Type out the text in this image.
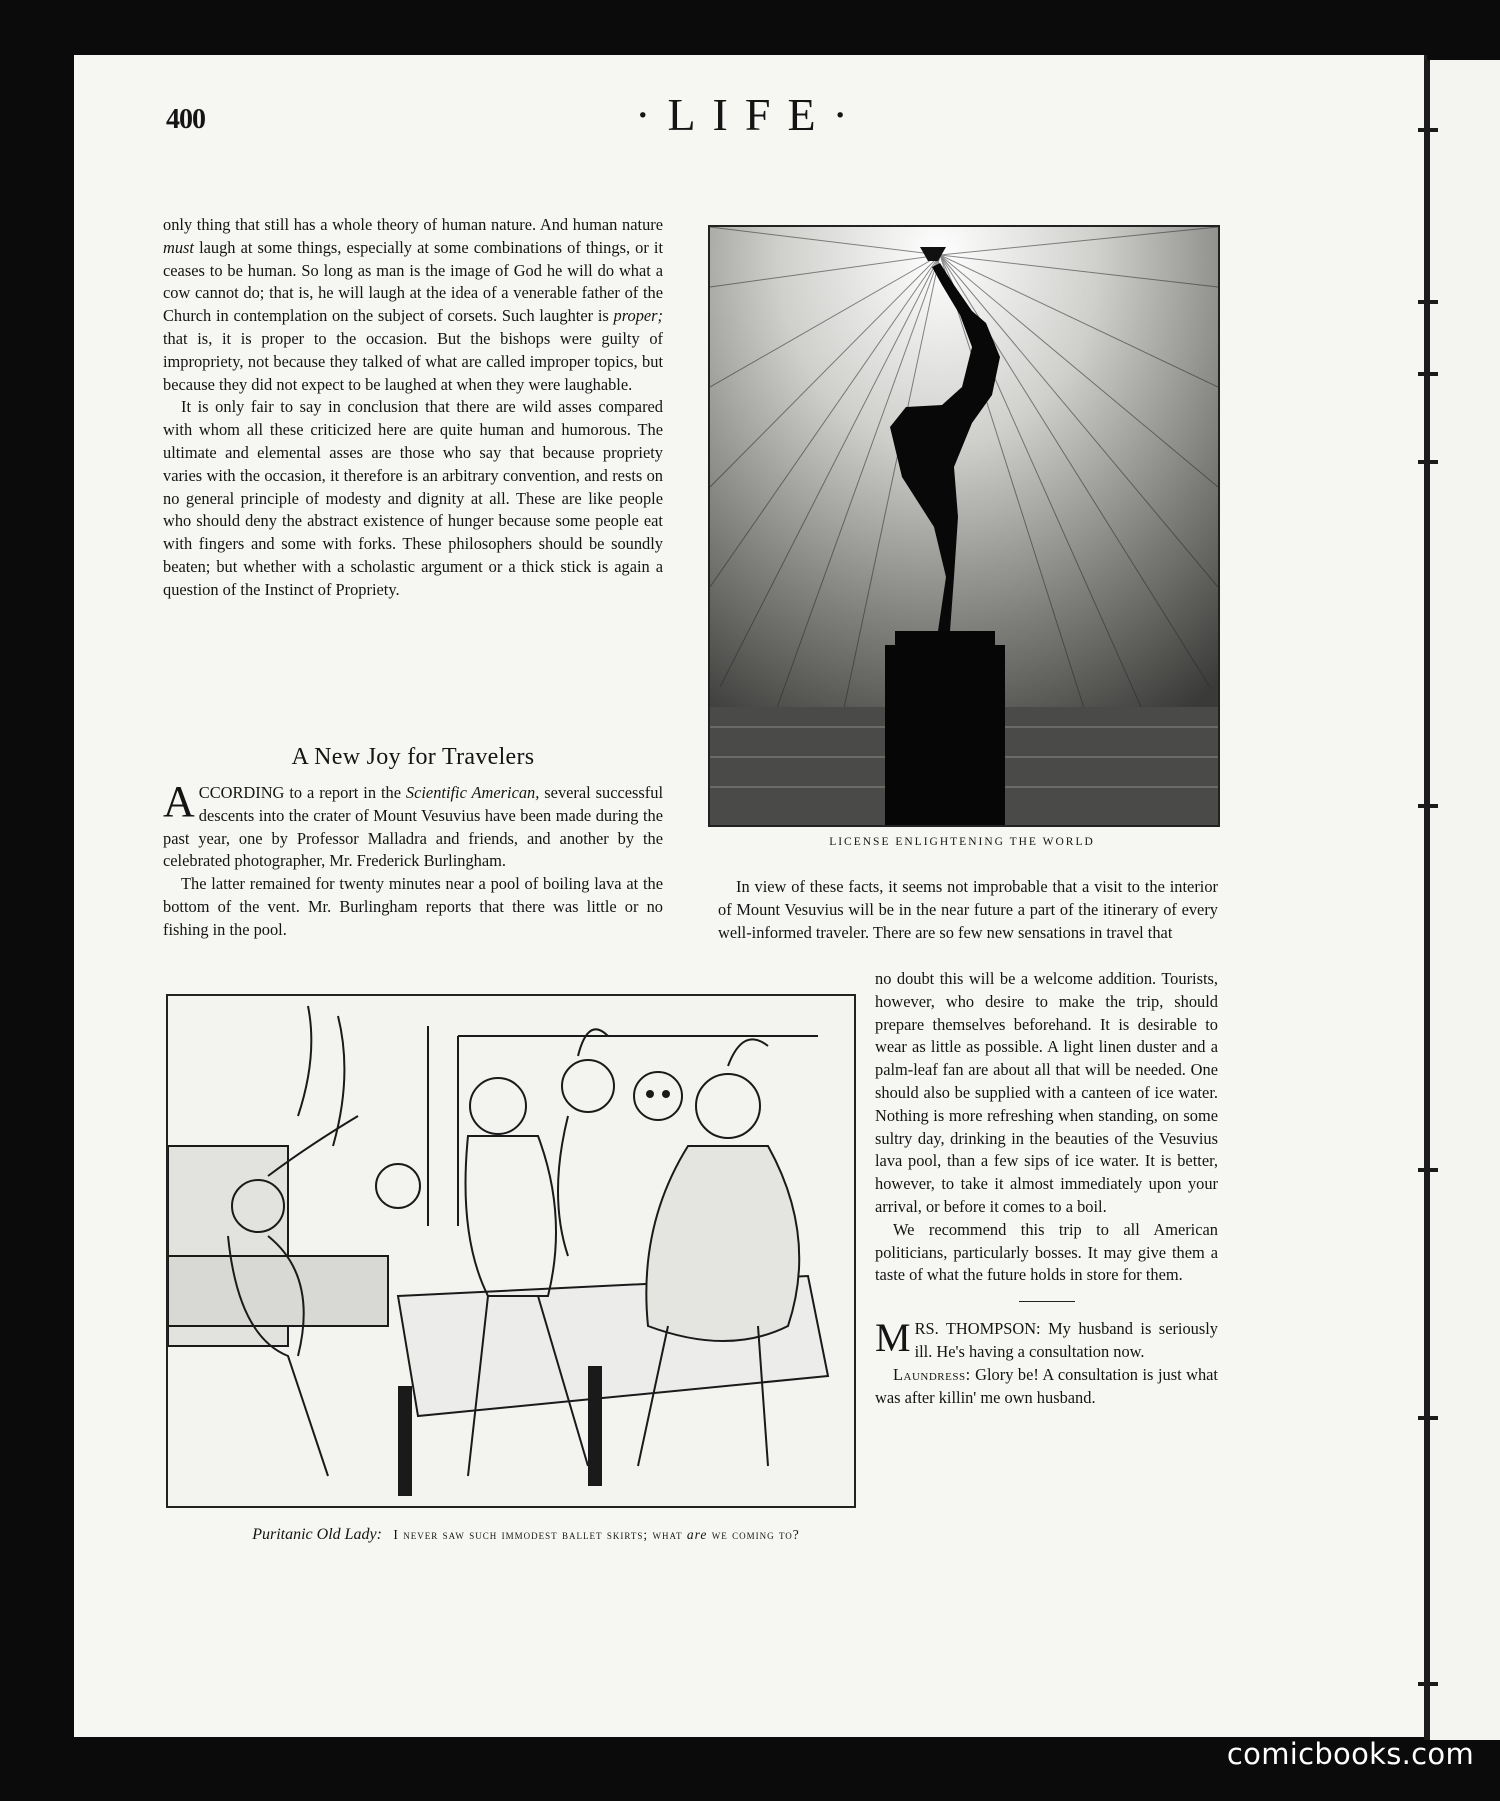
400	·LIFE·

only thing that still has a whole theory of human nature. And human nature must laugh at some things, especially at some combinations of things, or it ceases to be human. So long as man is the image of God he will do what a cow cannot do; that is, he will laugh at the idea of a venerable father of the Church in contemplation on the subject of corsets. Such laughter is proper; that is, it is proper to the occasion. But the bishops were guilty of impropriety, not because they talked of what are called improper topics, but because they did not expect to be laughed at when they were laughable.

It is only fair to say in conclusion that there are wild asses compared with whom all these criticized here are quite human and humorous. The ultimate and elemental asses are those who say that because propriety varies with the occasion, it therefore is an arbitrary convention, and rests on no general principle of modesty and dignity at all. These are like people who should deny the abstract existence of hunger because some people eat with fingers and some with forks. These philosophers should be soundly beaten; but whether with a scholastic argument or a thick stick is again a question of the Instinct of Propriety.

A New Joy for Travelers

ACCORDING to a report in the Scientific American, several successful descents into the crater of Mount Vesuvius have been made during the past year, one by Professor Malladra and friends, and another by the celebrated photographer, Mr. Frederick Burlingham.

The latter remained for twenty minutes near a pool of boiling lava at the bottom of the vent. Mr. Burlingham reports that there was little or no fishing in the pool.

LICENSE ENLIGHTENING THE WORLD

In view of these facts, it seems not improbable that a visit to the interior of Mount Vesuvius will be in the near future a part of the itinerary of every well-informed traveler. There are so few new sensations in travel that

no doubt this will be a welcome addition. Tourists, however, who desire to make the trip, should prepare themselves beforehand. It is desirable to wear as little as possible. A light linen duster and a palm-leaf fan are about all that will be needed. One should also be supplied with a canteen of ice water. Nothing is more refreshing when standing, on some sultry day, drinking in the beauties of the Vesuvius lava pool, than a few sips of ice water. It is better, however, to take it almost immediately upon your arrival, or before it comes to a boil.

We recommend this trip to all American politicians, particularly bosses. It may give them a taste of what the future holds in store for them.

MRS. THOMPSON: My husband is seriously ill. He's having a consultation now.

Laundress: Glory be! A consultation is just what was after killin' me own husband.

Puritanic Old Lady: I never saw such immodest ballet skirts; what are we coming to?
comicbooks.com
